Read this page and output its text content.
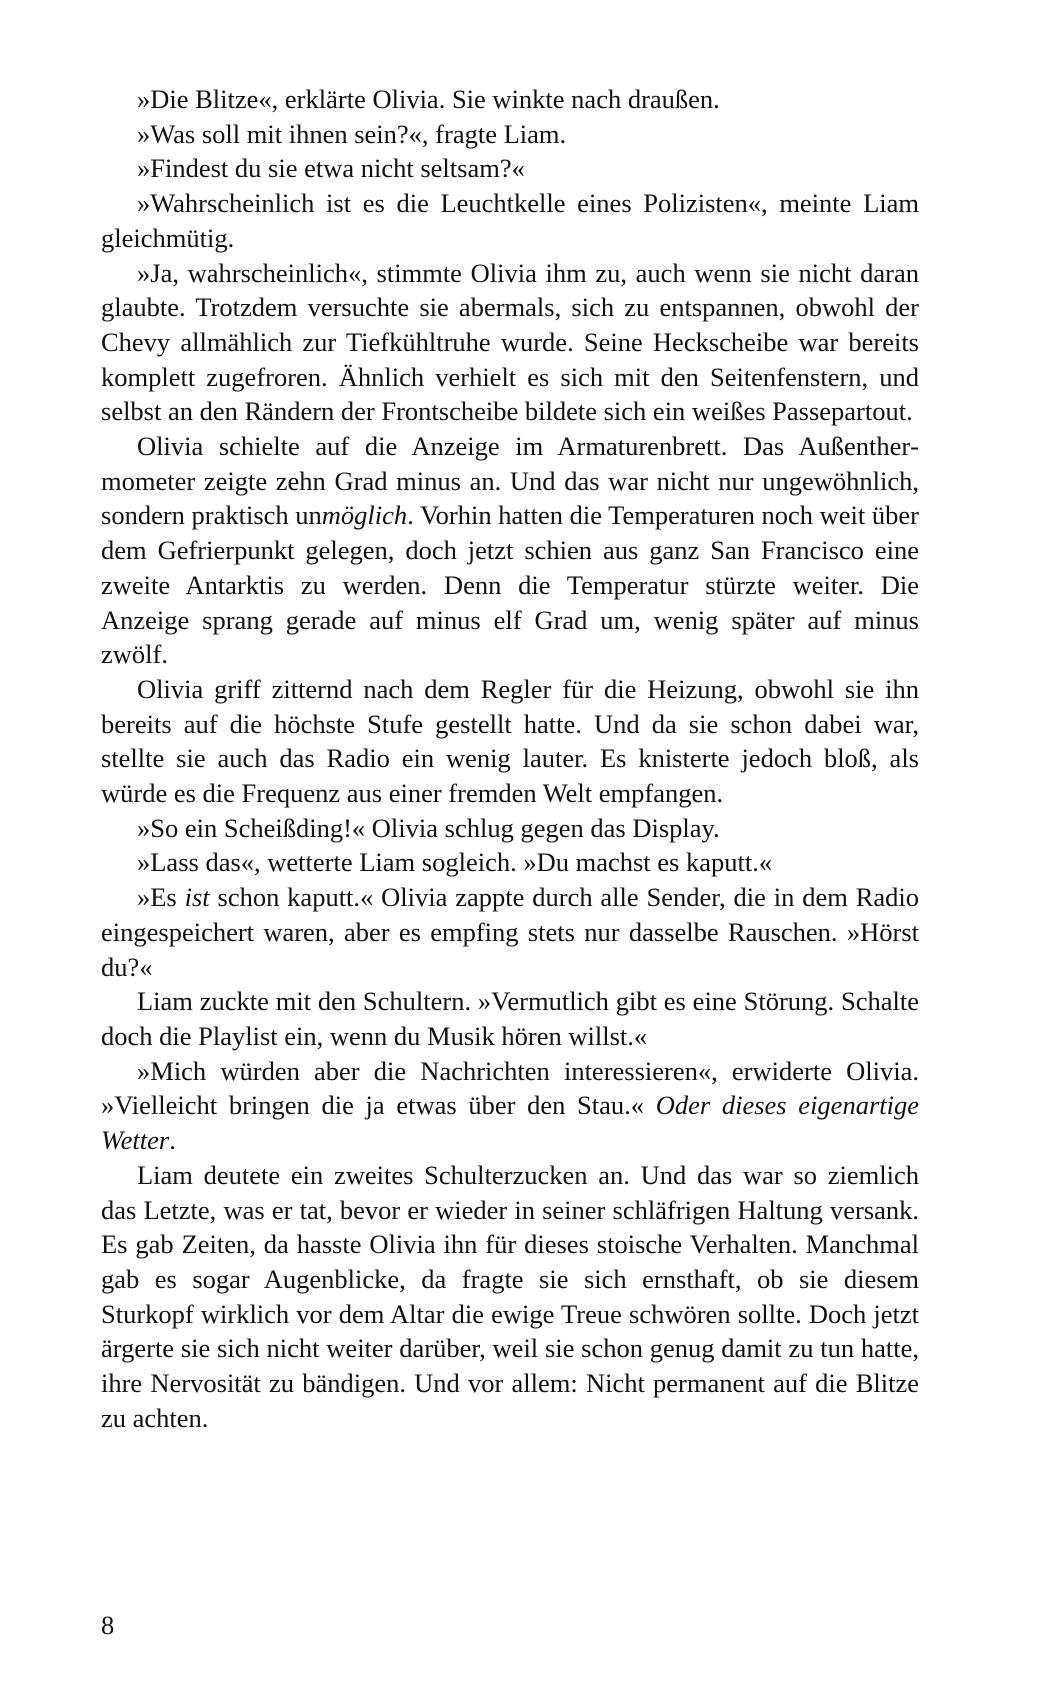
»Die Blitze«, erklärte Olivia. Sie winkte nach draußen.

»Was soll mit ihnen sein?«, fragte Liam.

»Findest du sie etwa nicht seltsam?«

»Wahrscheinlich ist es die Leuchtkelle eines Polizisten«, meinte Liam gleichmütig.

»Ja, wahrscheinlich«, stimmte Olivia ihm zu, auch wenn sie nicht daran glaubte. Trotzdem versuchte sie abermals, sich zu entspannen, obwohl der Chevy allmählich zur Tiefkühltruhe wurde. Seine Heckscheibe war bereits komplett zugefroren. Ähnlich verhielt es sich mit den Seitenfenstern, und selbst an den Rändern der Frontscheibe bildete sich ein weißes Passepartout.

Olivia schielte auf die Anzeige im Armaturenbrett. Das Außenthermometer zeigte zehn Grad minus an. Und das war nicht nur ungewöhnlich, sondern praktisch unmöglich. Vorhin hatten die Temperaturen noch weit über dem Gefrierpunkt gelegen, doch jetzt schien aus ganz San Francisco eine zweite Antarktis zu werden. Denn die Temperatur stürzte weiter. Die Anzeige sprang gerade auf minus elf Grad um, wenig später auf minus zwölf.

Olivia griff zitternd nach dem Regler für die Heizung, obwohl sie ihn bereits auf die höchste Stufe gestellt hatte. Und da sie schon dabei war, stellte sie auch das Radio ein wenig lauter. Es knisterte jedoch bloß, als würde es die Frequenz aus einer fremden Welt empfangen.

»So ein Scheißding!« Olivia schlug gegen das Display.

»Lass das«, wetterte Liam sogleich. »Du machst es kaputt.«

»Es ist schon kaputt.« Olivia zappte durch alle Sender, die in dem Radio eingespeichert waren, aber es empfing stets nur dasselbe Rauschen. »Hörst du?«

Liam zuckte mit den Schultern. »Vermutlich gibt es eine Störung. Schalte doch die Playlist ein, wenn du Musik hören willst.«

»Mich würden aber die Nachrichten interessieren«, erwiderte Olivia. »Vielleicht bringen die ja etwas über den Stau.« Oder dieses eigenartige Wetter.

Liam deutete ein zweites Schulterzucken an. Und das war so ziemlich das Letzte, was er tat, bevor er wieder in seiner schläfrigen Haltung versank. Es gab Zeiten, da hasste Olivia ihn für dieses stoische Verhalten. Manchmal gab es sogar Augenblicke, da fragte sie sich ernsthaft, ob sie diesem Sturkopf wirklich vor dem Altar die ewige Treue schwören sollte. Doch jetzt ärgerte sie sich nicht weiter darüber, weil sie schon genug damit zu tun hatte, ihre Nervosität zu bändigen. Und vor allem: Nicht permanent auf die Blitze zu achten.

8
